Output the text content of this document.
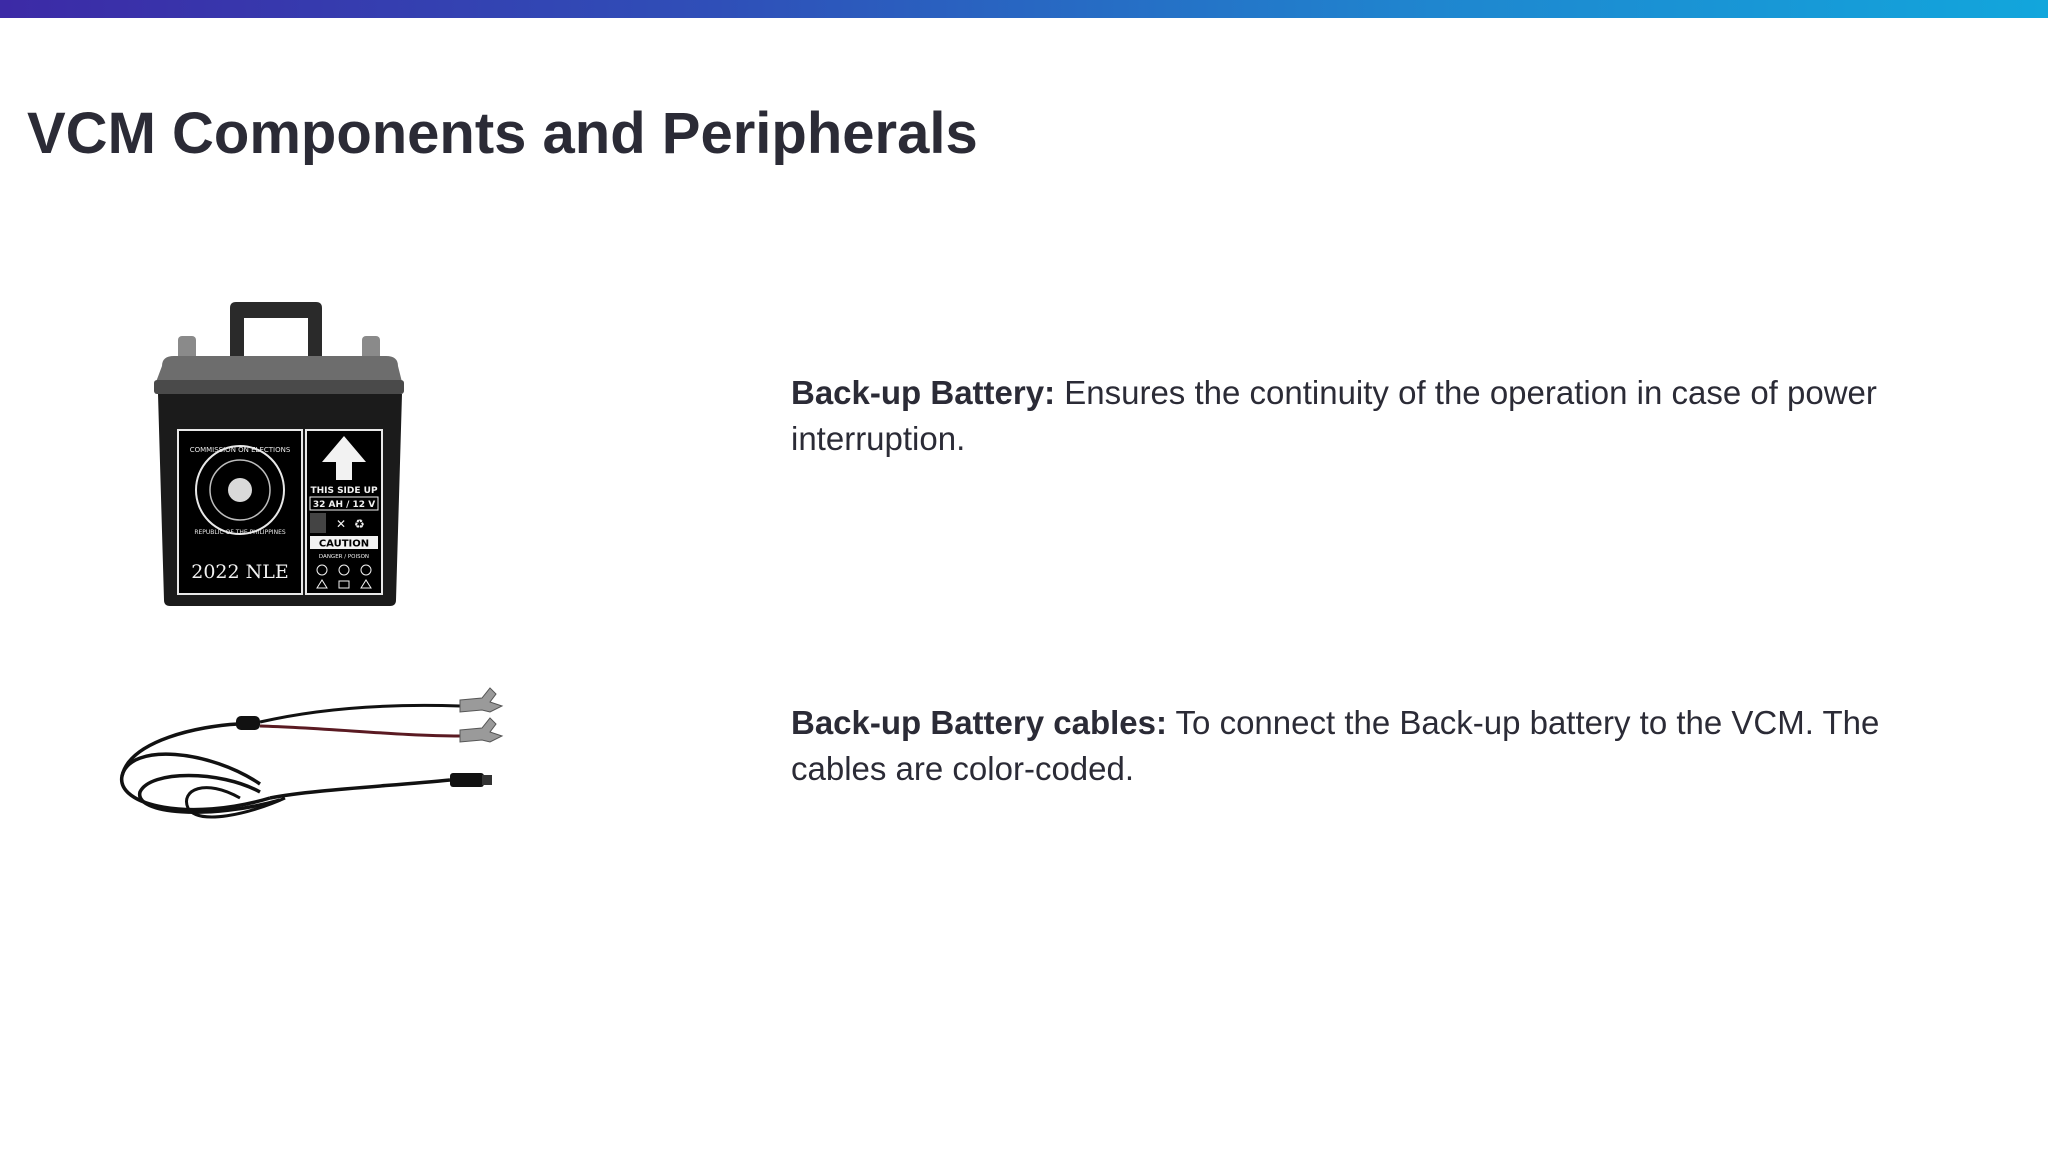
VCM Components and Peripherals
COMMISSION ON ELECTIONS
REPUBLIC OF THE PHILIPPINES
2022 NLE
THIS SIDE UP
32 AH / 12 V
✕ ♻
CAUTION
DANGER / POISON

Back-up Battery: Ensures the continuity of the operation in case of power interruption.

Back-up Battery cables: To connect the Back-up battery to the VCM. The cables are color-coded.
